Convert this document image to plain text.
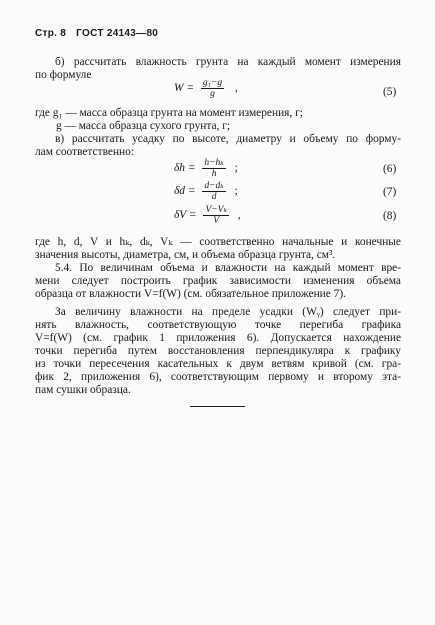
Стр. 8 ГОСТ 24143—80
б) рассчитать влажность грунта на каждый момент измерения
по формуле
$W = \frac{\text{g₁−g}}{g}$ ,	(5)
где g₁ — масса образца грунта на момент измерения, г;
g — масса образца сухого грунта, г;
в) рассчитать усадку по высоте, диаметру и объему по форму-
лам соответственно:
$\delta h = \frac{\text{h−hₖ}}{h}$ ;	(6)
$\delta d = \frac{\text{d−dₖ}}{d}$ ;	(7)
$\delta V = \frac{\text{V−Vₖ}}{V}$ ,	(8)
где h, d, V и hₖ, dₖ, Vₖ — соответственно начальные и конечные
значения высоты, диаметра, см, и объема образца грунта, см³.
5.4. По величинам объема и влажности на каждый момент вре-
мени следует построить график зависимости изменения объема
образца от влажности V=f(W) (см. обязательное приложение 7).
За величину влажности на пределе усадки (Wᵧ) следует при-
нять влажность, соответствующую точке перегиба графика
V=f(W) (см. график 1 приложения 6). Допускается нахождение
точки перегиба путем восстановления перпендикуляра к графику
из точки пересечения касательных к двум ветвям кривой (см. гра-
фик 2, приложения 6), соответствующим первому и второму эта-
пам сушки образца.
